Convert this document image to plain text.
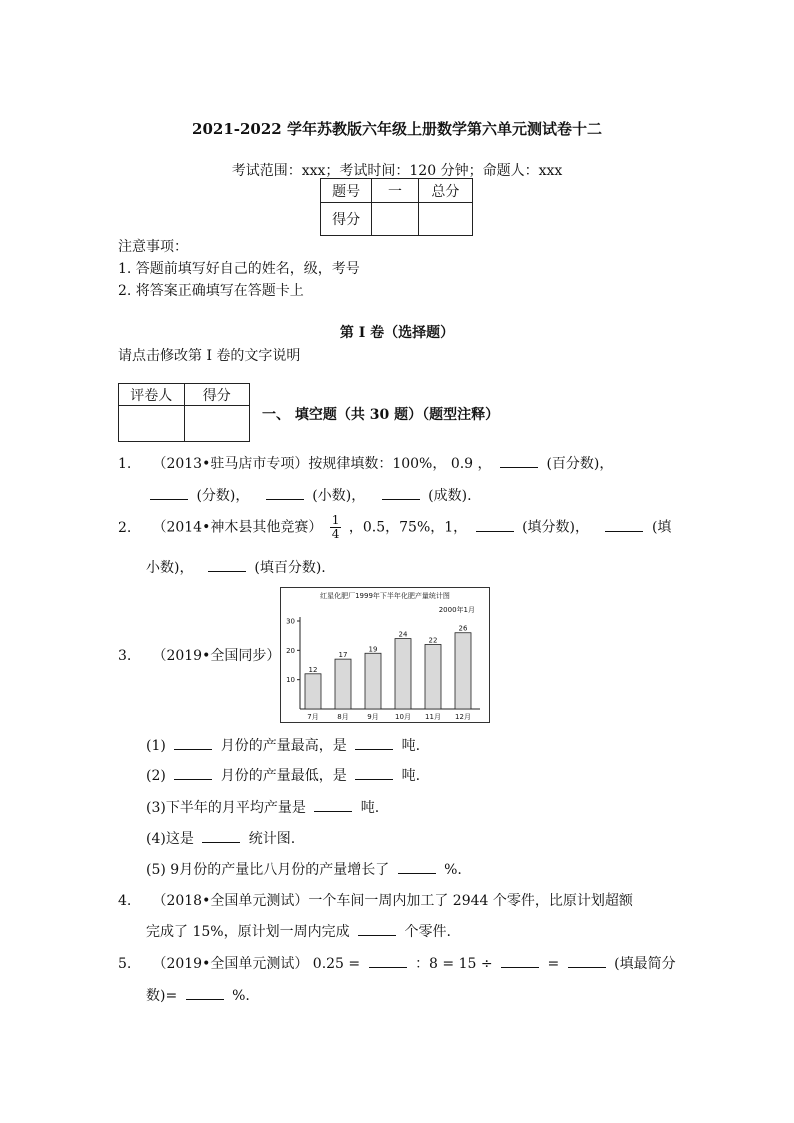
2021-2022 学年苏教版六年级上册数学第六单元测试卷十二
考试范围：xxx；考试时间：120 分钟；命题人：xxx
题号	一	总分
得分		
注意事项：
1. 答题前填写好自己的姓名，级，考号
2. 将答案正确填写在答题卡上
第 I 卷（选择题）
请点击修改第 I 卷的文字说明
评卷人	得分

一、 填空题（共 30 题）（题型注释）
1. （2013•驻马店市专项）按规律填数：100%， 0.9 ，	(百分数)，
(分数)，	(小数)，	(成数).
2. （2014•神木县其他竞赛） $\frac{1}{4}$ ，0.5，75%，1，	(填分数)，	(填
小数)，	(填百分数).
3. （2019•全国同步）
红星化肥厂1999年下半年化肥产量统计图
2000年1月
10
20
30
12
7月
17
8月
19
9月
24
10月
22
11月
26
12月
(1)	月份的产量最高，是	吨.
(2)	月份的产量最低，是	吨.
(3)下半年的月平均产量是	吨.
(4)这是	统计图.
(5) 9月份的产量比八月份的产量增长了	%.
4. （2018•全国单元测试）一个车间一周内加工了 2944 个零件，比原计划超额
完成了 15%，原计划一周内完成	个零件.
5. （2019•全国单元测试） 0.25 =	：8 = 15 ÷	=	(填最简分
数)=	%.
